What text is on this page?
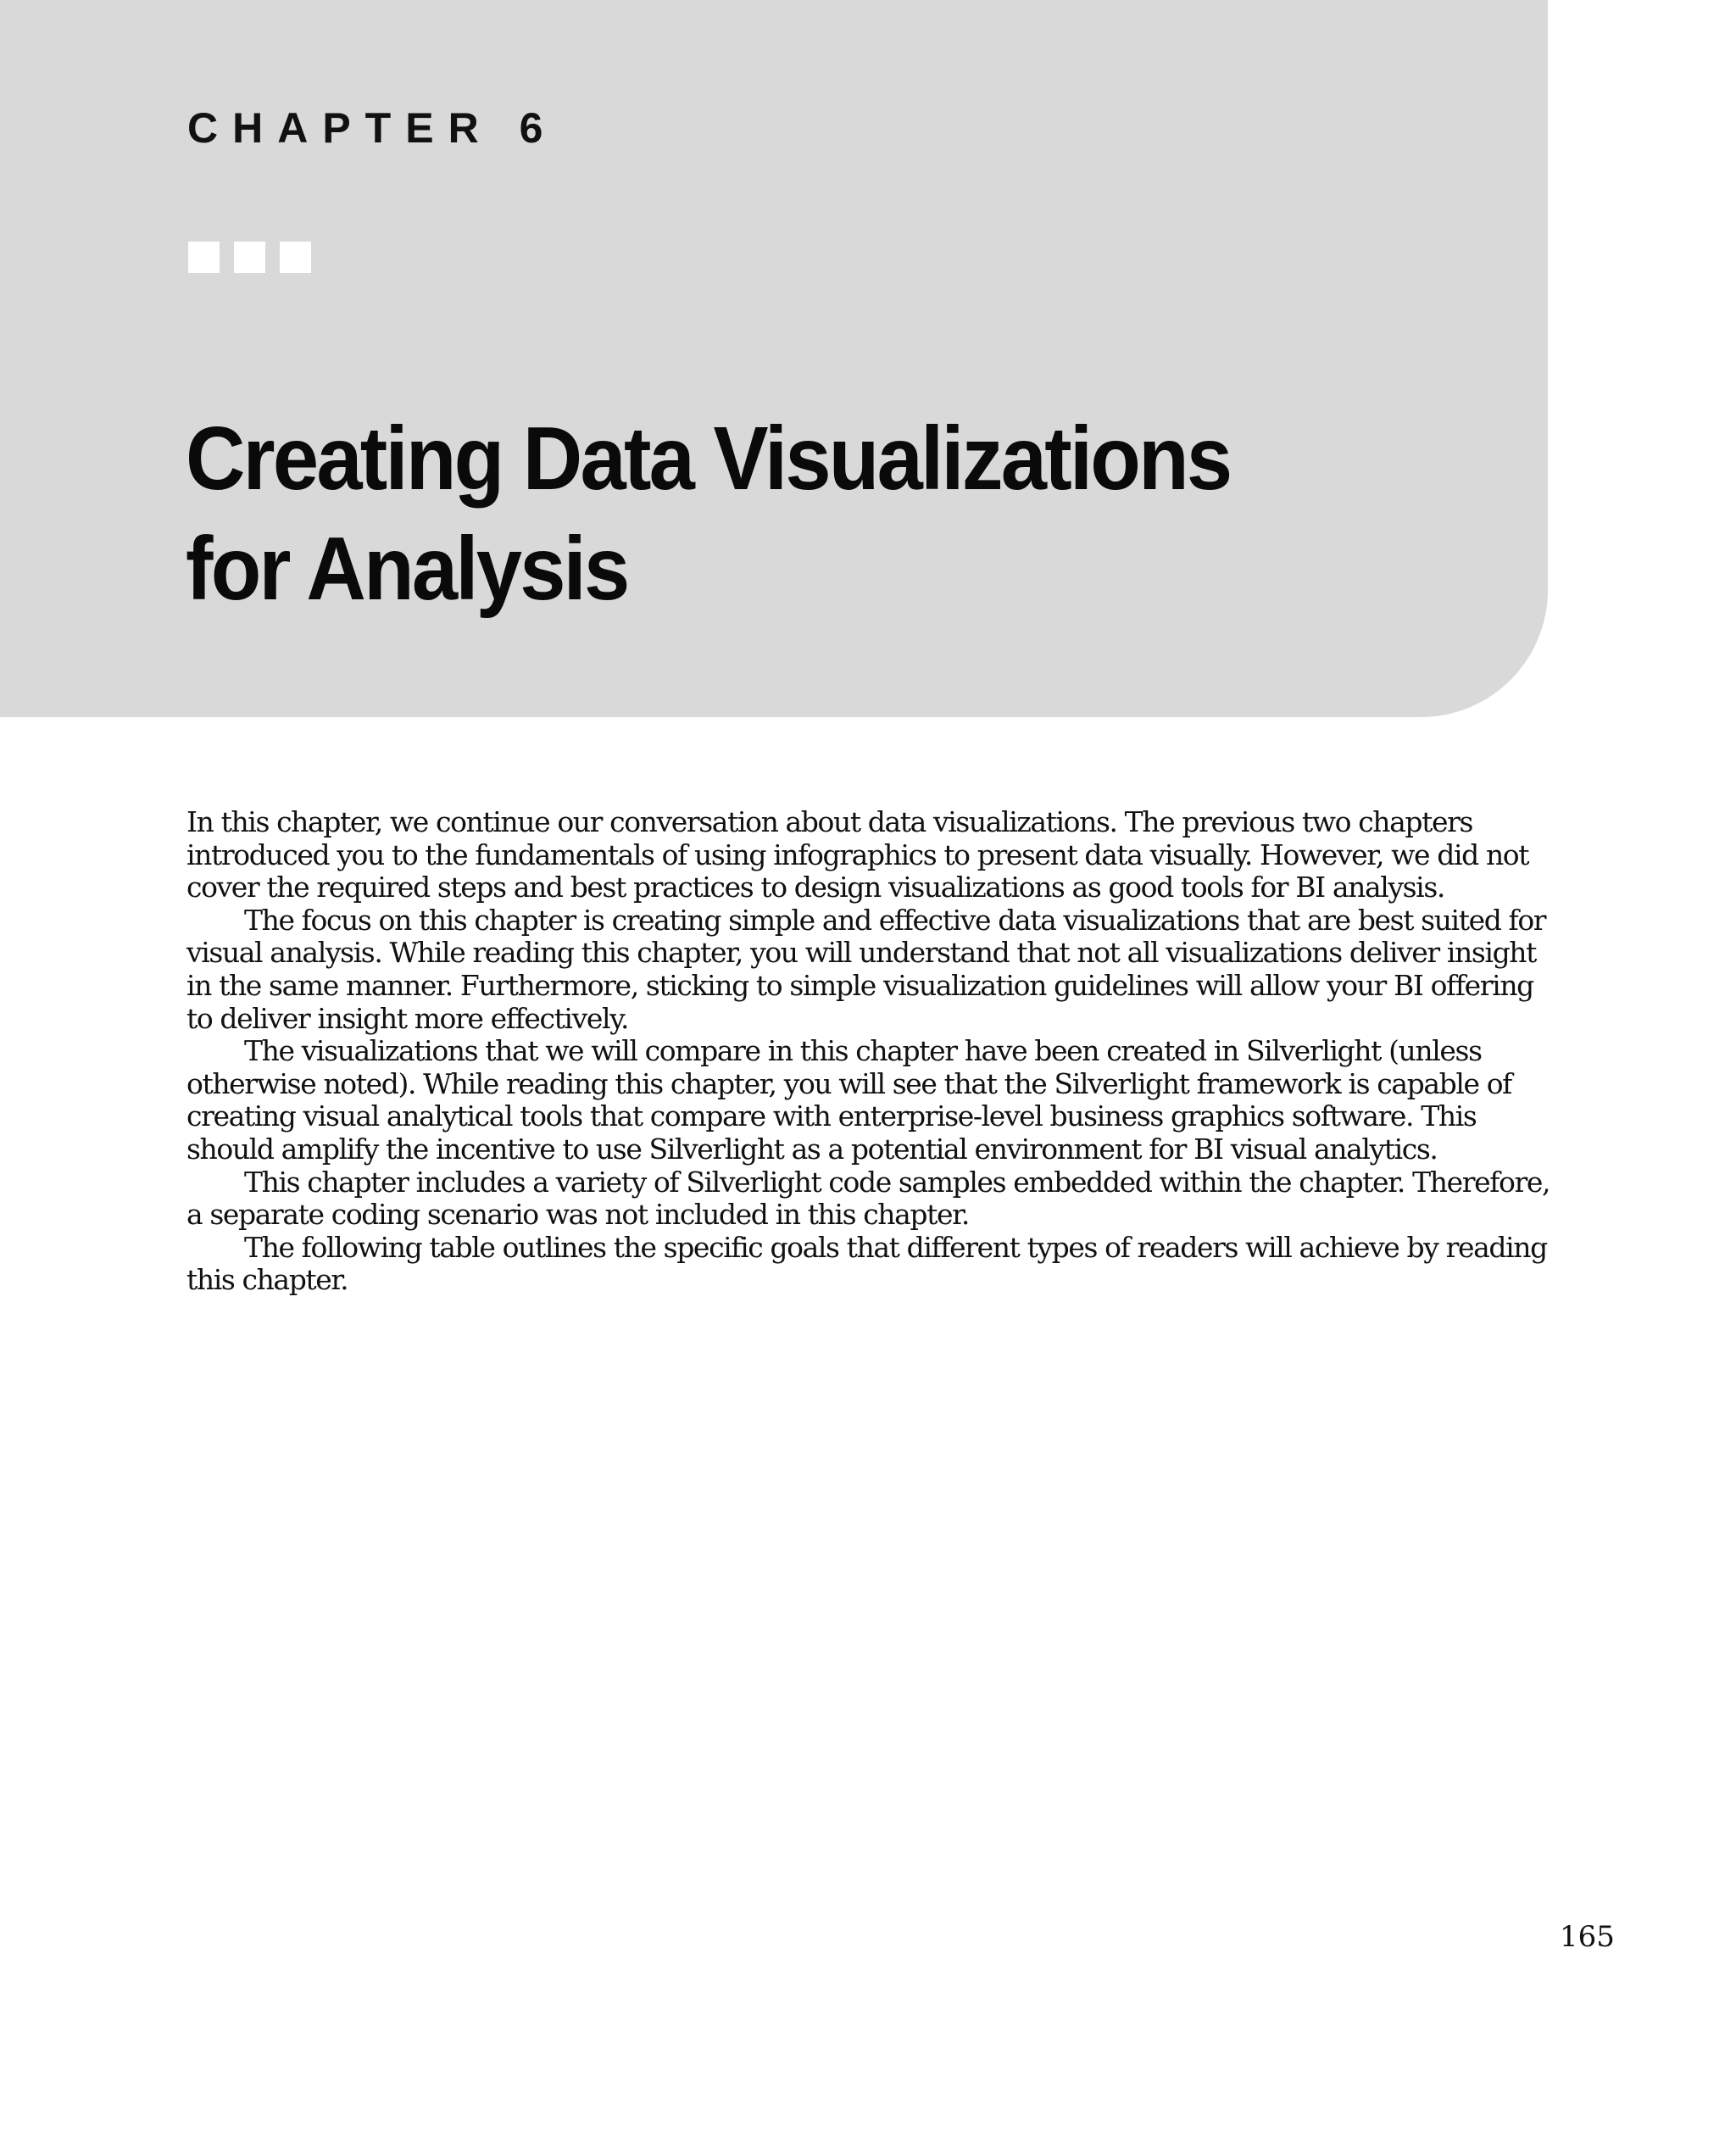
CHAPTER 6
Creating Data Visualizations
for Analysis

In this chapter, we continue our conversation about data visualizations. The previous two chapters

introduced you to the fundamentals of using infographics to present data visually. However, we did not

cover the required steps and best practices to design visualizations as good tools for BI analysis.

The focus on this chapter is creating simple and effective data visualizations that are best suited for

visual analysis. While reading this chapter, you will understand that not all visualizations deliver insight

in the same manner. Furthermore, sticking to simple visualization guidelines will allow your BI offering

to deliver insight more effectively.

The visualizations that we will compare in this chapter have been created in Silverlight (unless

otherwise noted). While reading this chapter, you will see that the Silverlight framework is capable of

creating visual analytical tools that compare with enterprise-level business graphics software. This

should amplify the incentive to use Silverlight as a potential environment for BI visual analytics.

This chapter includes a variety of Silverlight code samples embedded within the chapter. Therefore,

a separate coding scenario was not included in this chapter.

The following table outlines the specific goals that different types of readers will achieve by reading

this chapter.

165
